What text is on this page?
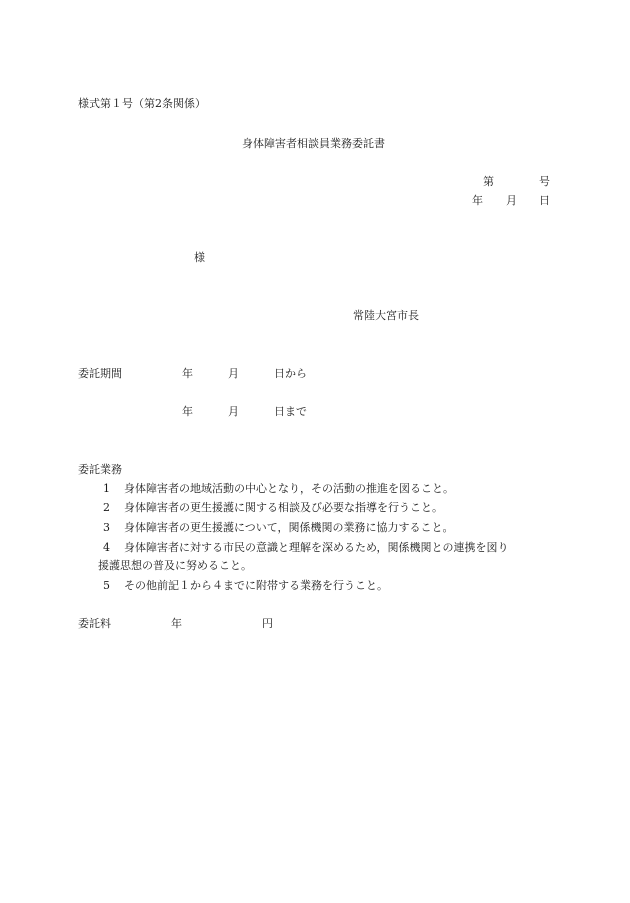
様式第１号（第2条関係）
身体障害者相談員業務委託書
第	号
年 月 日
様
常陸大宮市長
委託期間	年	月	日から
年	月	日まで
委託業務
1 身体障害者の地域活動の中心となり，その活動の推進を図ること。
2 身体障害者の更生援護に関する相談及び必要な指導を行うこと。
3 身体障害者の更生援護について，関係機関の業務に協力すること。
4 身体障害者に対する市民の意識と理解を深めるため，関係機関との連携を図り
援護思想の普及に努めること。
5 その他前記１から４までに附帯する業務を行うこと。
委託料	年	円
